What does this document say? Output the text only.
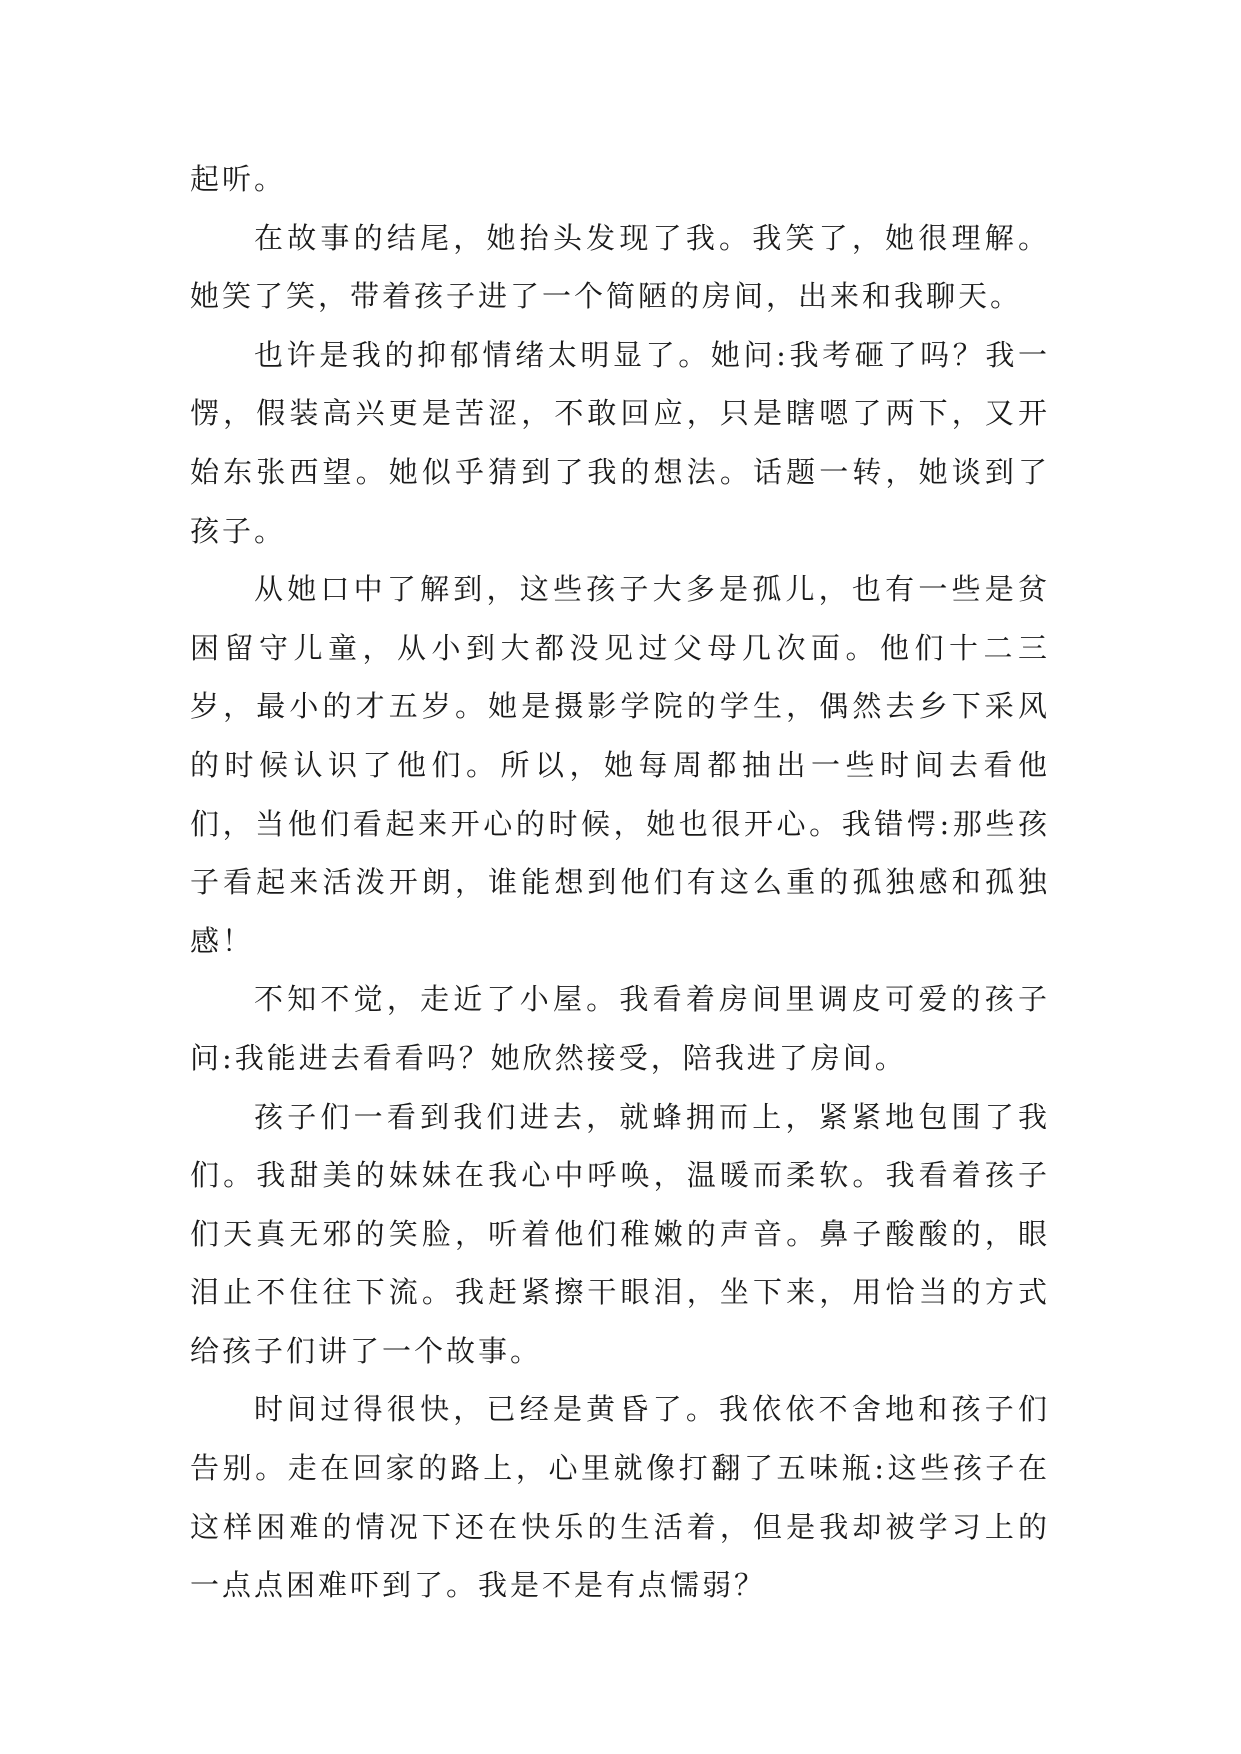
起听。

在故事的结尾，她抬头发现了我。我笑了，她很理解。她笑了笑，带着孩子进了一个简陋的房间，出来和我聊天。

也许是我的抑郁情绪太明显了。她问:我考砸了吗？我一愣，假装高兴更是苦涩，不敢回应，只是瞎嗯了两下，又开始东张西望。她似乎猜到了我的想法。话题一转，她谈到了孩子。

从她口中了解到，这些孩子大多是孤儿，也有一些是贫困留守儿童，从小到大都没见过父母几次面。他们十二三岁，最小的才五岁。她是摄影学院的学生，偶然去乡下采风的时候认识了他们。所以，她每周都抽出一些时间去看他们，当他们看起来开心的时候，她也很开心。我错愕:那些孩子看起来活泼开朗，谁能想到他们有这么重的孤独感和孤独感！

不知不觉，走近了小屋。我看着房间里调皮可爱的孩子问:我能进去看看吗？她欣然接受，陪我进了房间。

孩子们一看到我们进去，就蜂拥而上，紧紧地包围了我们。我甜美的妹妹在我心中呼唤，温暖而柔软。我看着孩子们天真无邪的笑脸，听着他们稚嫩的声音。鼻子酸酸的，眼泪止不住往下流。我赶紧擦干眼泪，坐下来，用恰当的方式给孩子们讲了一个故事。

时间过得很快，已经是黄昏了。我依依不舍地和孩子们告别。走在回家的路上，心里就像打翻了五味瓶:这些孩子在这样困难的情况下还在快乐的生活着，但是我却被学习上的一点点困难吓到了。我是不是有点懦弱？
